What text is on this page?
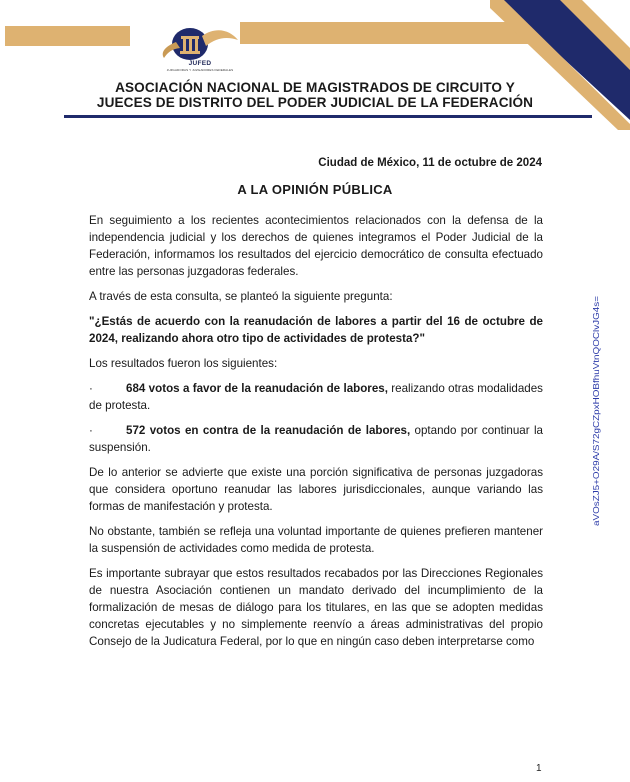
JUFED
JUZGADORAS Y JUZGADORES FEDERALES
ASOCIACIÓN NACIONAL DE MAGISTRADOS DE CIRCUITO Y
JUECES DE DISTRITO DEL PODER JUDICIAL DE LA FEDERACIÓN
Ciudad de México, 11 de octubre de 2024
A LA OPINIÓN PÚBLICA

En seguimiento a los recientes acontecimientos relacionados con la defensa de la independencia judicial y los derechos de quienes integramos el Poder Judicial de la Federación, informamos los resultados del ejercicio democrático de consulta efectuado entre las personas juzgadoras federales.

A través de esta consulta, se planteó la siguiente pregunta:

"¿Estás de acuerdo con la reanudación de labores a partir del 16 de octubre de 2024, realizando ahora otro tipo de actividades de protesta?"

Los resultados fueron los siguientes:

·	684 votos a favor de la reanudación de labores, realizando otras modalidades de protesta.

·	572 votos en contra de la reanudación de labores, optando por continuar la suspensión.

De lo anterior se advierte que existe una porción significativa de personas juzgadoras que considera oportuno reanudar las labores jurisdiccionales, aunque variando las formas de manifestación y protesta.

No obstante, también se refleja una voluntad importante de quienes prefieren mantener la suspensión de actividades como medida de protesta.

Es importante subrayar que estos resultados recabados por las Direcciones Regionales de nuestra Asociación contienen un mandato derivado del incumplimiento de la formalización de mesas de diálogo para los titulares, en las que se adopten medidas concretas ejecutables y no simplemente reenvío a áreas administrativas del propio Consejo de la Judicatura Federal, por lo que en ningún caso deben interpretarse como

aVOsZJ5+O29A/S72gCZpxHOBfhuVtnQOClvJG4s=
1
